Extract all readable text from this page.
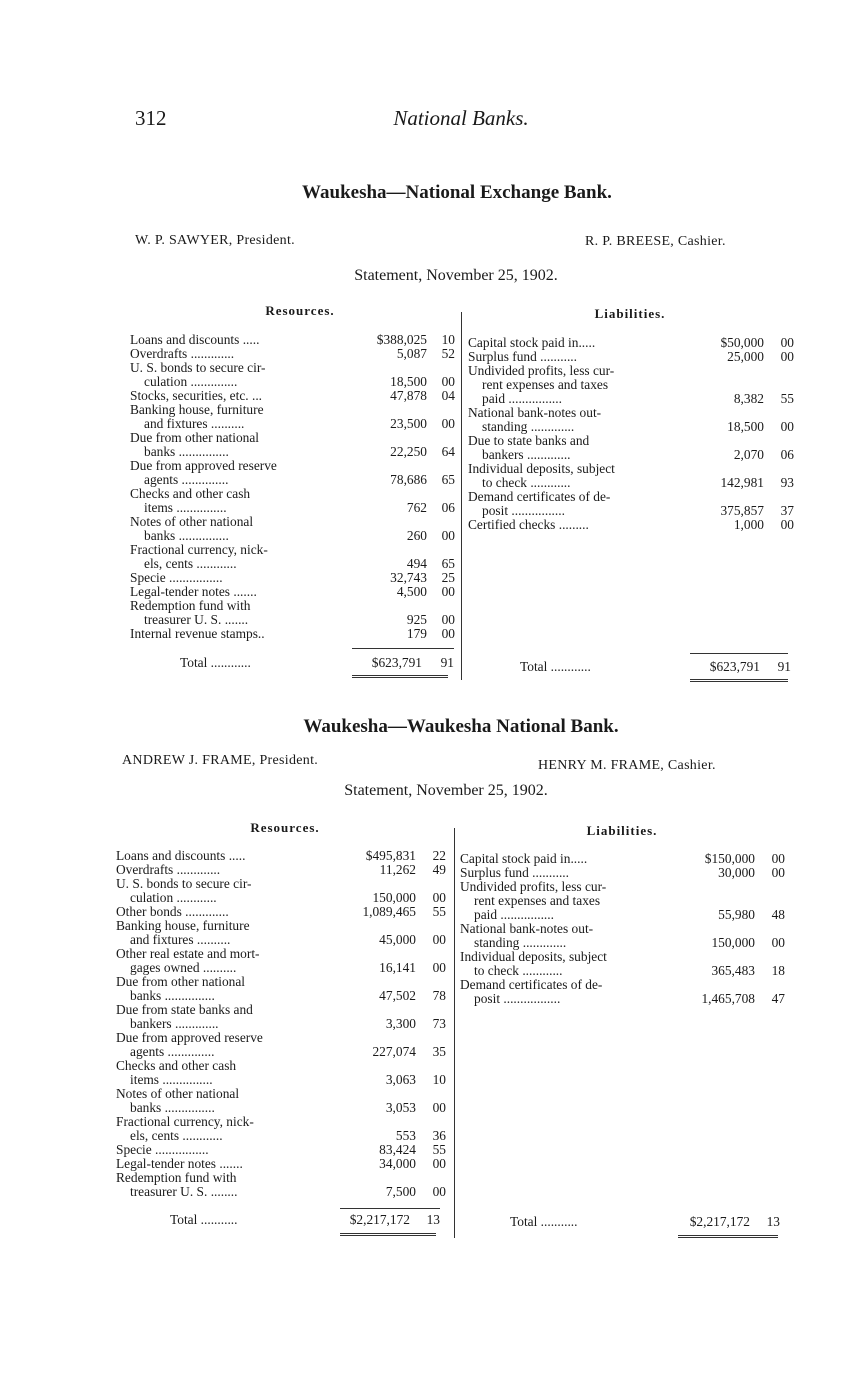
312	National Banks.
Waukesha—National Exchange Bank.
W. P. SAWYER, President.	R. P. BREESE, Cashier.
Statement, November 25, 1902.
Resources.	Liabilities.
Loans and discounts .....	$388,025	10
Overdrafts .............	5,087	52
U. S. bonds to secure cir-
culation ..............	18,500	00
Stocks, securities, etc. ...	47,878	04
Banking house, furniture
and fixtures ..........	23,500	00
Due from other national
banks ...............	22,250	64
Due from approved reserve
agents ..............	78,686	65
Checks and other cash
items ...............	762	06
Notes of other national
banks ...............	260	00
Fractional currency, nick-
els, cents ............	494	65
Specie ................	32,743	25
Legal-tender notes .......	4,500	00
Redemption fund with
treasurer U. S. .......	925	00
Internal revenue stamps..	179	00
Capital stock paid in.....	$50,000	00
Surplus fund ...........	25,000	00
Undivided profits, less cur-
rent expenses and taxes
paid ................	8,382	55
National bank-notes out-
standing .............	18,500	00
Due to state banks and
bankers .............	2,070	06
Individual deposits, subject
to check ............	142,981	93
Demand certificates of de-
posit ................	375,857	37
Certified checks .........	1,000	00
Total ............	$623,791	91	Total ............	$623,791	91
Waukesha—Waukesha National Bank.
ANDREW J. FRAME, President.	HENRY M. FRAME, Cashier.
Statement, November 25, 1902.
Resources.	Liabilities.
Loans and discounts .....	$495,831	22
Overdrafts .............	11,262	49
U. S. bonds to secure cir-
culation ............	150,000	00
Other bonds .............	1,089,465	55
Banking house, furniture
and fixtures ..........	45,000	00
Other real estate and mort-
gages owned ..........	16,141	00
Due from other national
banks ...............	47,502	78
Due from state banks and
bankers .............	3,300	73
Due from approved reserve
agents ..............	227,074	35
Checks and other cash
items ...............	3,063	10
Notes of other national
banks ...............	3,053	00
Fractional currency, nick-
els, cents ............	553	36
Specie ................	83,424	55
Legal-tender notes .......	34,000	00
Redemption fund with
treasurer U. S. ........	7,500	00
Capital stock paid in.....	$150,000	00
Surplus fund ...........	30,000	00
Undivided profits, less cur-
rent expenses and taxes
paid ................	55,980	48
National bank-notes out-
standing .............	150,000	00
Individual deposits, subject
to check ............	365,483	18
Demand certificates of de-
posit .................	1,465,708	47
Total ...........	$2,217,172	13	Total ...........	$2,217,172	13
